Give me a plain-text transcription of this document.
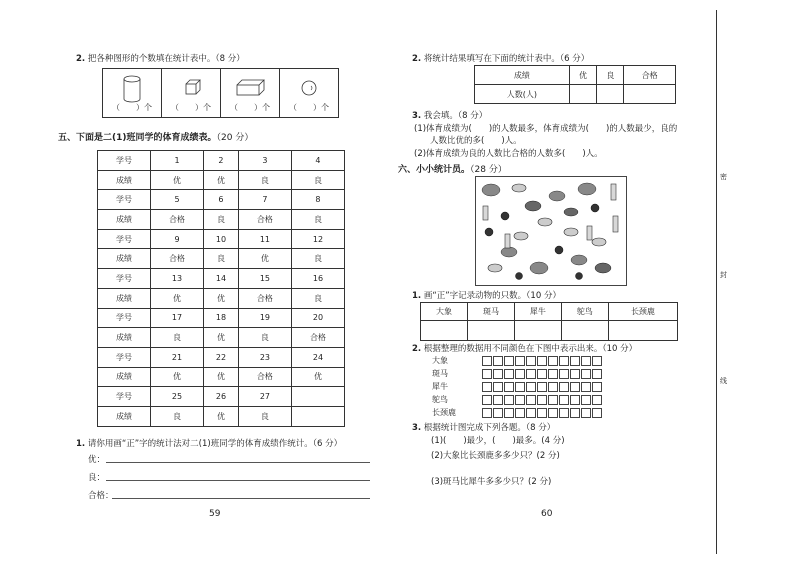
2. 把各种图形的个数填在统计表中。（8 分）
（　　）个	（　　）个	（　　）个	（　　）个
五、下面是二(1)班同学的体育成绩表。（20 分）
学号	1	2	3	4
成绩	优	优	良	良
学号	5	6	7	8
成绩	合格	良	合格	良
学号	9	10	11	12
成绩	合格	良	优	良
学号	13	14	15	16
成绩	优	优	合格	良
学号	17	18	19	20
成绩	良	优	良	合格
学号	21	22	23	24
成绩	优	优	合格	优
学号	25	26	27	
成绩	良	优	良	
1. 请你用画“正”字的统计法对二(1)班同学的体育成绩作统计。（6 分）
优：
良：
合格：
59
2. 将统计结果填写在下面的统计表中。（6 分）
成绩	优	良	合格
人数(人)			
3. 我会填。（8 分）
(1)体育成绩为(　　)的人数最多，体育成绩为(　　)的人数最少，良的
人数比优的多(　　)人。
(2)体育成绩为良的人数比合格的人数多(　　)人。
六、小小统计员。（28 分）
1. 画“正”字记录动物的只数。（10 分）
大象	斑马	犀牛	鸵鸟	长颈鹿

2. 根据整理的数据用不同颜色在下图中表示出来。（10 分）
大象
斑马
犀牛
鸵鸟
长颈鹿
3. 根据统计图完成下列各题。（8 分）
(1)(　　)最少，(　　)最多。(4 分)
(2)大象比长颈鹿多多少只？(2 分)
(3)斑马比犀牛多多少只？(2 分)
60
密
封
线
